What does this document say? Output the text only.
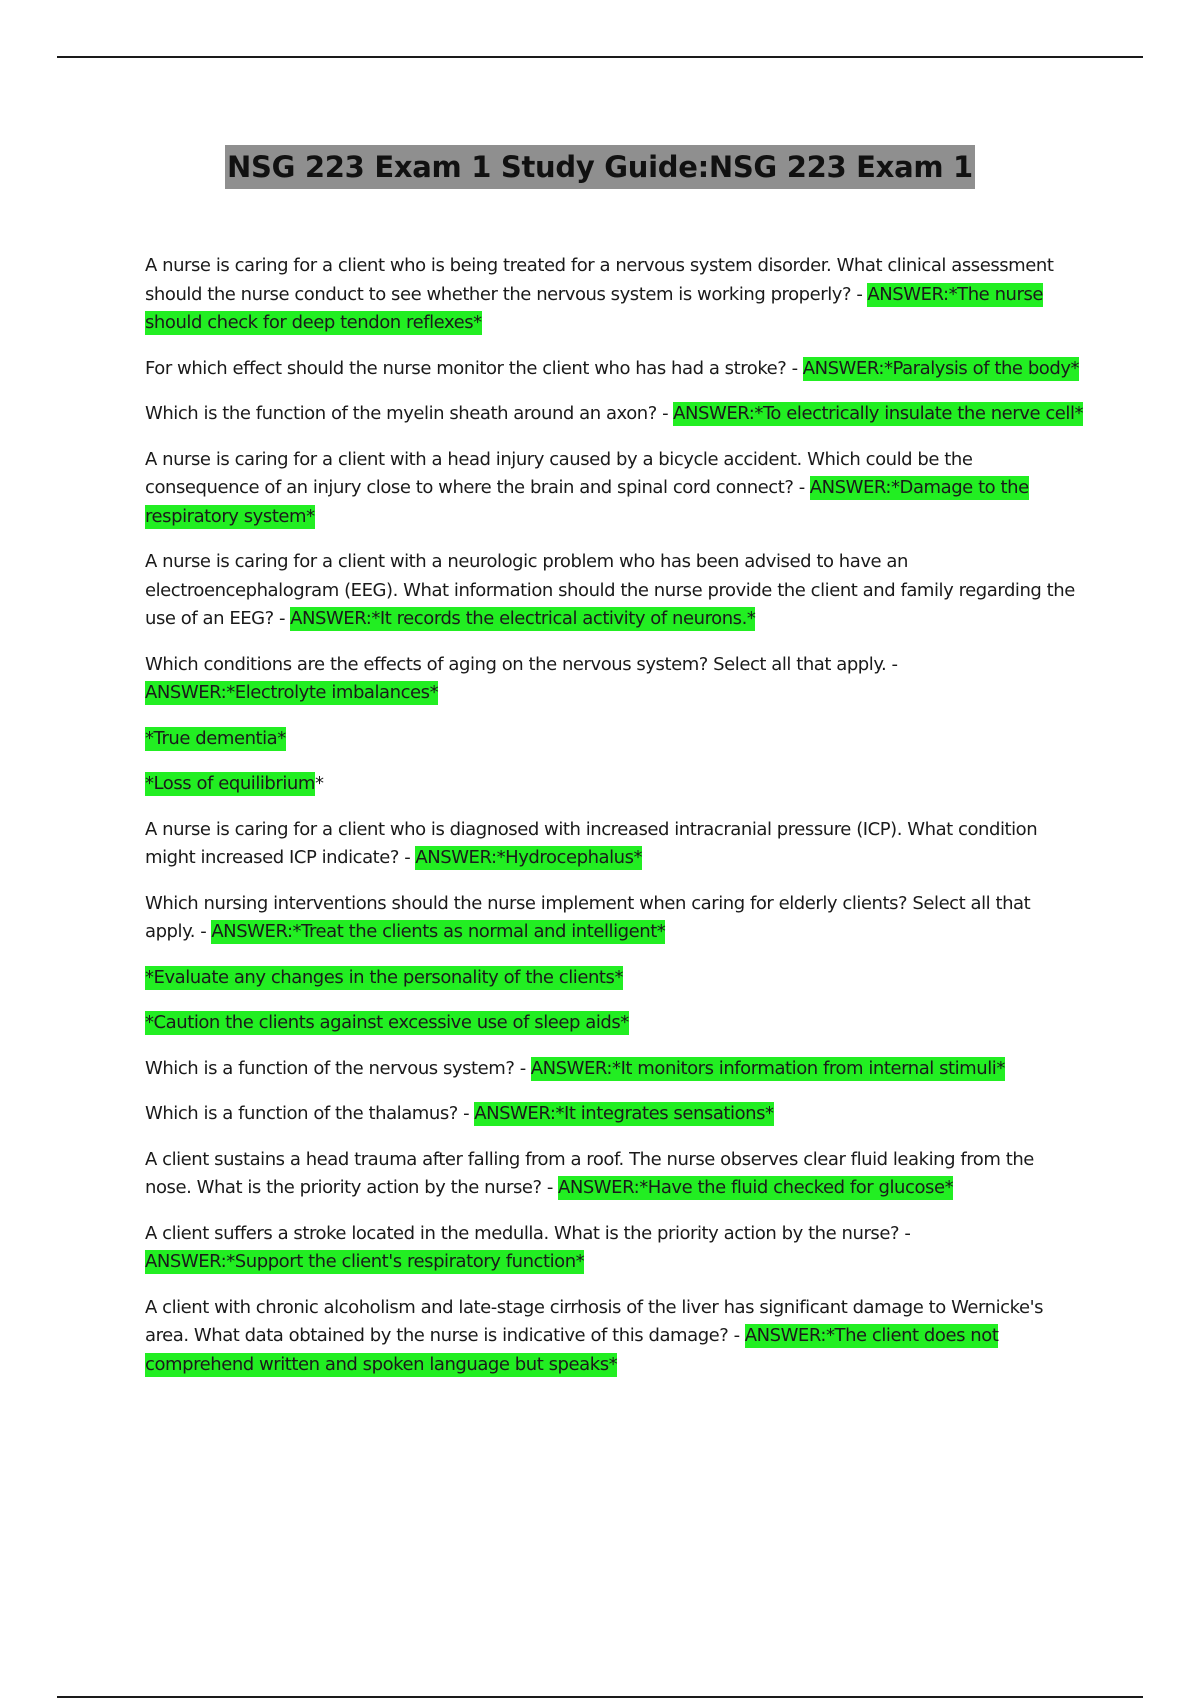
NSG 223 Exam 1 Study Guide:NSG 223 Exam 1

A nurse is caring for a client who is being treated for a nervous system disorder. What clinical assessment should the nurse conduct to see whether the nervous system is working properly? - ANSWER:*The nurse should check for deep tendon reflexes*

For which effect should the nurse monitor the client who has had a stroke? - ANSWER:*Paralysis of the body*

Which is the function of the myelin sheath around an axon? - ANSWER:*To electrically insulate the nerve cell*

A nurse is caring for a client with a head injury caused by a bicycle accident. Which could be the consequence of an injury close to where the brain and spinal cord connect? - ANSWER:*Damage to the respiratory system*

A nurse is caring for a client with a neurologic problem who has been advised to have an electroencephalogram (EEG). What information should the nurse provide the client and family regarding the use of an EEG? - ANSWER:*It records the electrical activity of neurons.*

Which conditions are the effects of aging on the nervous system? Select all that apply. -
ANSWER:*Electrolyte imbalances*

*True dementia*

*Loss of equilibrium*

A nurse is caring for a client who is diagnosed with increased intracranial pressure (ICP). What condition might increased ICP indicate? - ANSWER:*Hydrocephalus*

Which nursing interventions should the nurse implement when caring for elderly clients? Select all that apply. - ANSWER:*Treat the clients as normal and intelligent*

*Evaluate any changes in the personality of the clients*

*Caution the clients against excessive use of sleep aids*

Which is a function of the nervous system? - ANSWER:*It monitors information from internal stimuli*

Which is a function of the thalamus? - ANSWER:*It integrates sensations*

A client sustains a head trauma after falling from a roof. The nurse observes clear fluid leaking from the nose. What is the priority action by the nurse? - ANSWER:*Have the fluid checked for glucose*

A client suffers a stroke located in the medulla. What is the priority action by the nurse? -
ANSWER:*Support the client's respiratory function*

A client with chronic alcoholism and late-stage cirrhosis of the liver has significant damage to Wernicke's area. What data obtained by the nurse is indicative of this damage? - ANSWER:*The client does not comprehend written and spoken language but speaks*
